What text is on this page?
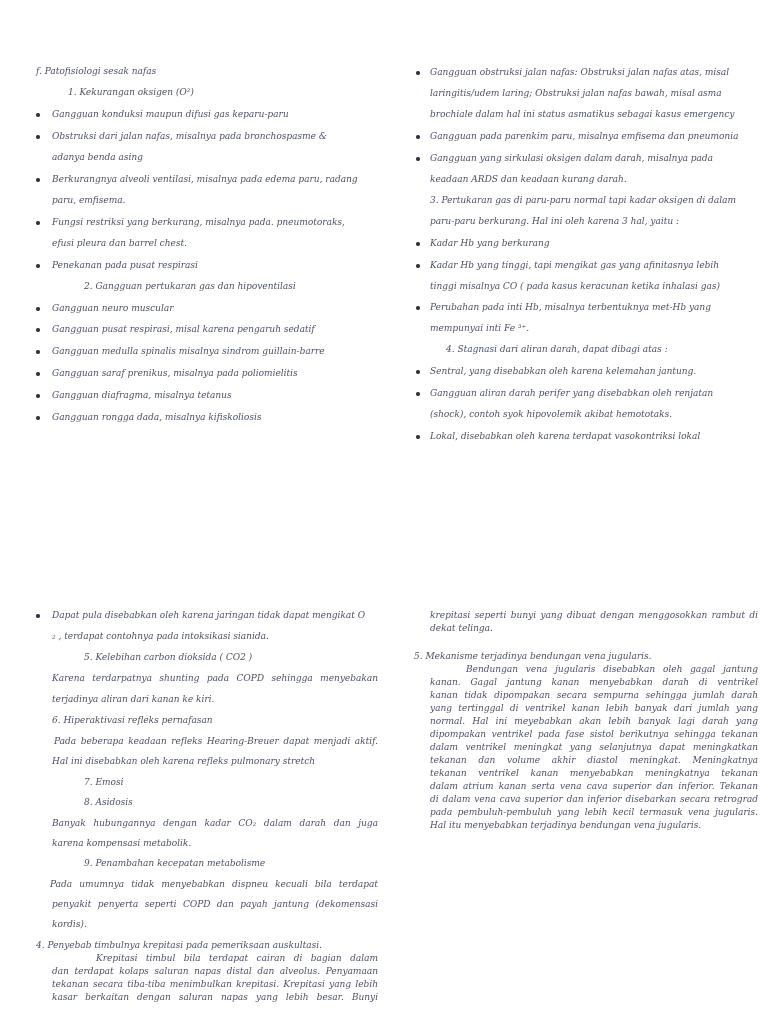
f. Patofisiologi sesak nafas
1. Kekurangan oksigen (O²)
Gangguan konduksi maupun difusi gas keparu-paru
Obstruksi dari jalan nafas, misalnya pada bronchospasme &
adanya benda asing
Berkurangnya alveoli ventilasi, misalnya pada edema paru, radang
paru, emfisema.
Fungsi restriksi yang berkurang, misalnya pada. pneumotoraks,
efusi pleura dan barrel chest.
Penekanan pada pusat respirasi
2. Gangguan pertukaran gas dan hipoventilasi
Gangguan neuro muscular
Gangguan pusat respirasi, misal karena pengaruh sedatif
Gangguan medulla spinalis misalnya sindrom guillain-barre
Gangguan saraf prenikus, misalnya pada poliomielitis
Gangguan diafragma, misalnya tetanus
Gangguan rongga dada, misalnya kifiskoliosis
Gangguan obstruksi jalan nafas: Obstruksi jalan nafas atas, misal
laringitis/udem laring; Obstruksi jalan nafas bawah, misal asma
brochiale dalam hal ini status asmatikus sebagai kasus emergency
Gangguan pada parenkim paru, misalnya emfisema dan pneumonia
Gangguan yang sirkulasi oksigen dalam darah, misalnya pada
keadaan ARDS dan keadaan kurang darah.
3. Pertukaran gas di paru-paru normal tapi kadar oksigen di dalam
paru-paru berkurang. Hal ini oleh karena 3 hal, yaitu :
Kadar Hb yang berkurang
Kadar Hb yang tinggi, tapi mengikat gas yang afinitasnya lebih
tinggi misalnya CO ( pada kasus keracunan ketika inhalasi gas)
Perubahan pada inti Hb, misalnya terbentuknya met-Hb yang
mempunyai inti Fe ³⁺.
4. Stagnasi dari aliran darah, dapat dibagi atas :
Sentral, yang disebabkan oleh karena kelemahan jantung.
Gangguan aliran darah perifer yang disebabkan oleh renjatan
(shock), contoh syok hipovolemik akibat hemototaks.
Lokal, disebabkan oleh karena terdapat vasokontriksi lokal
Dapat pula disebabkan oleh karena jaringan tidak dapat mengikat O
₂ , terdapat contohnya pada intoksikasi sianida.
5. Kelebihan carbon dioksida ( CO2 )
Karena terdarpatnya shunting pada COPD sehingga menyebakan
terjadinya aliran dari kanan ke kiri.
6. Hiperaktivasi refleks pernafasan
Pada beberapa keadaan refleks Hearing-Breuer dapat menjadi aktif.
Hal ini disebabkan oleh karena refleks pulmonary stretch
7. Emosi
8. Asidosis
Banyak hubungannya dengan kadar CO₂ dalam darah dan juga
karena kompensasi metabolik.
9. Penambahan kecepatan metabolisme
Pada umumnya tidak menyebabkan dispneu kecuali bila terdapat
penyakit penyerta seperti COPD dan payah jantung (dekomensasi
kordis).
4. Penyebab timbulnya krepitasi pada pemeriksaan auskultasi.
Krepitasi timbul bila terdapat cairan di bagian dalam
dan terdapat kolaps saluran napas distal dan alveolus. Penyamaan
tekanan secara tiba-tiba menimbulkan krepitasi. Krepitasi yang lebih
kasar berkaitan dengan saluran napas yang lebih besar. Bunyi
krepitasi seperti bunyi yang dibuat dengan menggosokkan rambut di
dekat telinga.
5. Mekanisme terjadinya bendungan vena jugularis.
Bendungan vena jugularis disebabkan oleh gagal jantung
kanan. Gagal jantung kanan menyebabkan darah di ventrikel
kanan tidak dipompakan secara sempurna sehingga jumlah darah
yang tertinggal di ventrikel kanan lebih banyak dari jumlah yang
normal. Hal ini meyebabkan akan lebih banyak lagi darah yang
dipompakan ventrikel pada fase sistol berikutnya sehingga tekanan
dalam ventrikel meningkat yang selanjutnya dapat meningkatkan
tekanan dan volume akhir diastol meningkat. Meningkatnya
tekanan ventrikel kanan menyebabkan meningkatnya tekanan
dalam atrium kanan serta vena cava superior dan inferior. Tekanan
di dalam vena cava superior dan inferior disebarkan secara retrograd
pada pembuluh-pembuluh yang lebih kecil termasuk vena jugularis.
Hal itu menyebabkan terjadinya bendungan vena jugularis.
